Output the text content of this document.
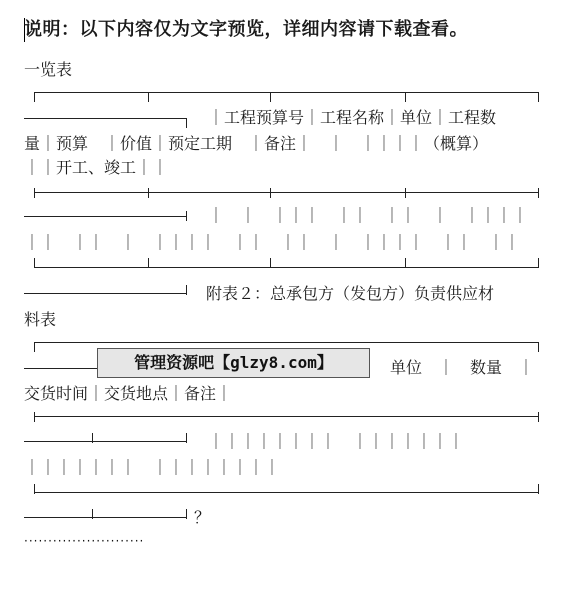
说明：以下内容仅为文字预览，详细内容请下载查看。
一览表
｜工程预算号｜工程名称｜单位｜工程数
量｜预算　｜价值｜预定工期　｜备注｜　｜　｜｜｜｜（概算）
｜｜开工、竣工｜｜
｜　｜　｜｜｜　｜｜　｜｜　｜　｜｜｜｜
｜｜　｜｜　｜　｜｜｜｜　｜｜　｜｜　｜　｜｜｜｜　｜｜　｜｜
附表２：总承包方（发包方）负责供应材
料表
单位　｜　数量　｜
交货时间｜交货地点｜备注｜
｜｜｜｜｜｜｜｜　｜｜｜｜｜｜｜
｜｜｜｜｜｜｜　｜｜｜｜｜｜｜｜
？
·························
管理资源吧【glzy8.com】
